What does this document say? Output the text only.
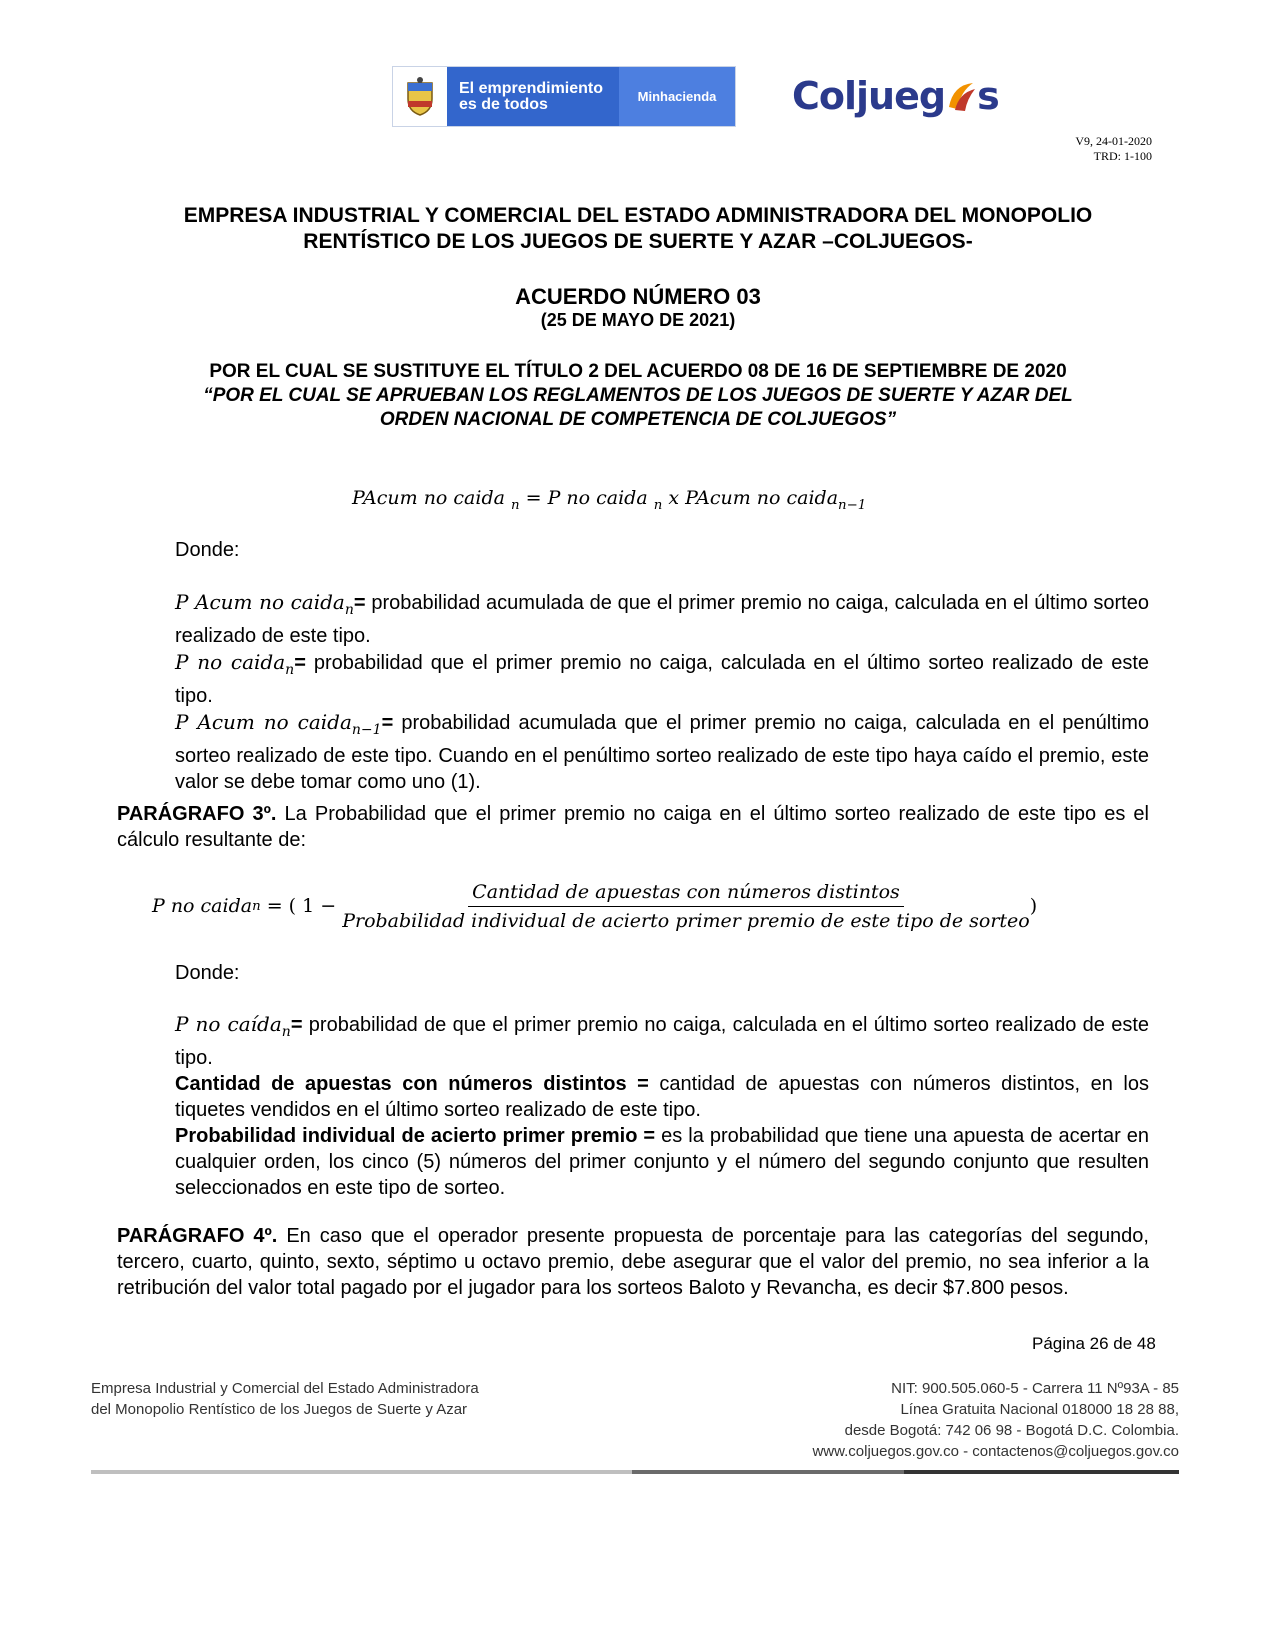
El emprendimiento
es de todos	Minhacienda	Coljueg s
V9, 24-01-2020
TRD: 1-100
EMPRESA INDUSTRIAL Y COMERCIAL DEL ESTADO ADMINISTRADORA DEL MONOPOLIO
RENTÍSTICO DE LOS JUEGOS DE SUERTE Y AZAR –COLJUEGOS-
ACUERDO NÚMERO 03
(25 DE MAYO DE 2021)
POR EL CUAL SE SUSTITUYE EL TÍTULO 2 DEL ACUERDO 08 DE 16 DE SEPTIEMBRE DE 2020
“POR EL CUAL SE APRUEBAN LOS REGLAMENTOS DE LOS JUEGOS DE SUERTE Y AZAR DEL
ORDEN NACIONAL DE COMPETENCIA DE COLJUEGOS”
PAcum no caida $_n$ = P no caida $_n$ x PAcum no caida$_{n-1}$
Donde:
P Acum no caida$_n$= probabilidad acumulada de que el primer premio no caiga, calculada en el último sorteo realizado de este tipo.
P no caida$_n$= probabilidad que el primer premio no caiga, calculada en el último sorteo realizado de este tipo.
P Acum no caida$_{n-1}$= probabilidad acumulada que el primer premio no caiga, calculada en el penúltimo sorteo realizado de este tipo. Cuando en el penúltimo sorteo realizado de este tipo haya caído el premio, este valor se debe tomar como uno (1).
PARÁGRAFO 3º. La Probabilidad que el primer premio no caiga en el último sorteo realizado de este tipo es el cálculo resultante de:
P no caida n = ( 1 −
Cantidad de apuestas con números distintos
Probabilidad individual de acierto primer premio de este tipo de sorteo
)
Donde:
P no caída$_n$= probabilidad de que el primer premio no caiga, calculada en el último sorteo realizado de este tipo.
Cantidad de apuestas con números distintos = cantidad de apuestas con números distintos, en los tiquetes vendidos en el último sorteo realizado de este tipo.
Probabilidad individual de acierto primer premio = es la probabilidad que tiene una apuesta de acertar en cualquier orden, los cinco (5) números del primer conjunto y el número del segundo conjunto que resulten seleccionados en este tipo de sorteo.
PARÁGRAFO 4º. En caso que el operador presente propuesta de porcentaje para las categorías del segundo, tercero, cuarto, quinto, sexto, séptimo u octavo premio, debe asegurar que el valor del premio, no sea inferior a la retribución del valor total pagado por el jugador para los sorteos Baloto y Revancha, es decir $7.800 pesos.
Página 26 de 48
Empresa Industrial y Comercial del Estado Administradora
del Monopolio Rentístico de los Juegos de Suerte y Azar
NIT: 900.505.060-5 - Carrera 11 Nº93A - 85
Línea Gratuita Nacional 018000 18 28 88,
desde Bogotá: 742 06 98 - Bogotá D.C. Colombia.
www.coljuegos.gov.co - contactenos@coljuegos.gov.co
